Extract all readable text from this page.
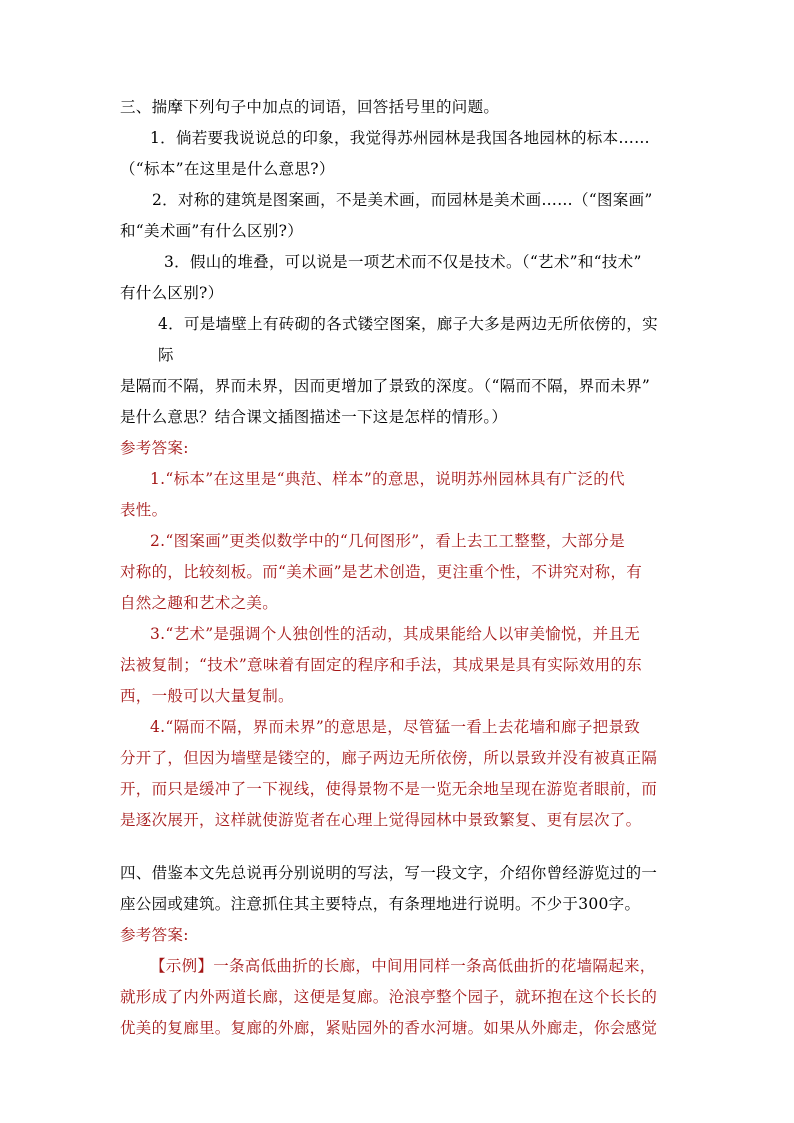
三、揣摩下列句子中加点的词语，回答括号里的问题。

1．倘若要我说说总的印象，我觉得苏州园林是我国各地园林的标本……

（“标本”在这里是什么意思?）

2．对称的建筑是图案画，不是美术画，而园林是美术画……（“图案画”

和“美术画”有什么区别?）

3．假山的堆叠，可以说是一项艺术而不仅是技术。（“艺术”和“技术”

有什么区别?）

4．可是墙壁上有砖砌的各式镂空图案，廊子大多是两边无所依傍的，实际

是隔而不隔，界而未界，因而更增加了景致的深度。（“隔而不隔，界而未界”

是什么意思？结合课文插图描述一下这是怎样的情形。）

参考答案:

1.“标本”在这里是“典范、样本”的意思，说明苏州园林具有广泛的代

表性。

2.“图案画”更类似数学中的“几何图形”，看上去工工整整，大部分是

对称的，比较刻板。而“美术画”是艺术创造，更注重个性，不讲究对称，有

自然之趣和艺术之美。

3.“艺术”是强调个人独创性的活动，其成果能给人以审美愉悦，并且无

法被复制；“技术”意味着有固定的程序和手法，其成果是具有实际效用的东

西，一般可以大量复制。

4.“隔而不隔，界而未界”的意思是，尽管猛一看上去花墙和廊子把景致

分开了，但因为墙壁是镂空的，廊子两边无所依傍，所以景致并没有被真正隔

开，而只是缓冲了一下视线，使得景物不是一览无余地呈现在游览者眼前，而

是逐次展开，这样就使游览者在心理上觉得园林中景致繁复、更有层次了。

四、借鉴本文先总说再分别说明的写法，写一段文字，介绍你曾经游览过的一

座公园或建筑。注意抓住其主要特点，有条理地进行说明。不少于300字。

参考答案:

【示例】一条高低曲折的长廊，中间用同样一条高低曲折的花墙隔起来，

就形成了内外两道长廊，这便是复廊。沧浪亭整个园子，就环抱在这个长长的

优美的复廊里。复廊的外廊，紧贴园外的香水河塘。如果从外廊走，你会感觉
